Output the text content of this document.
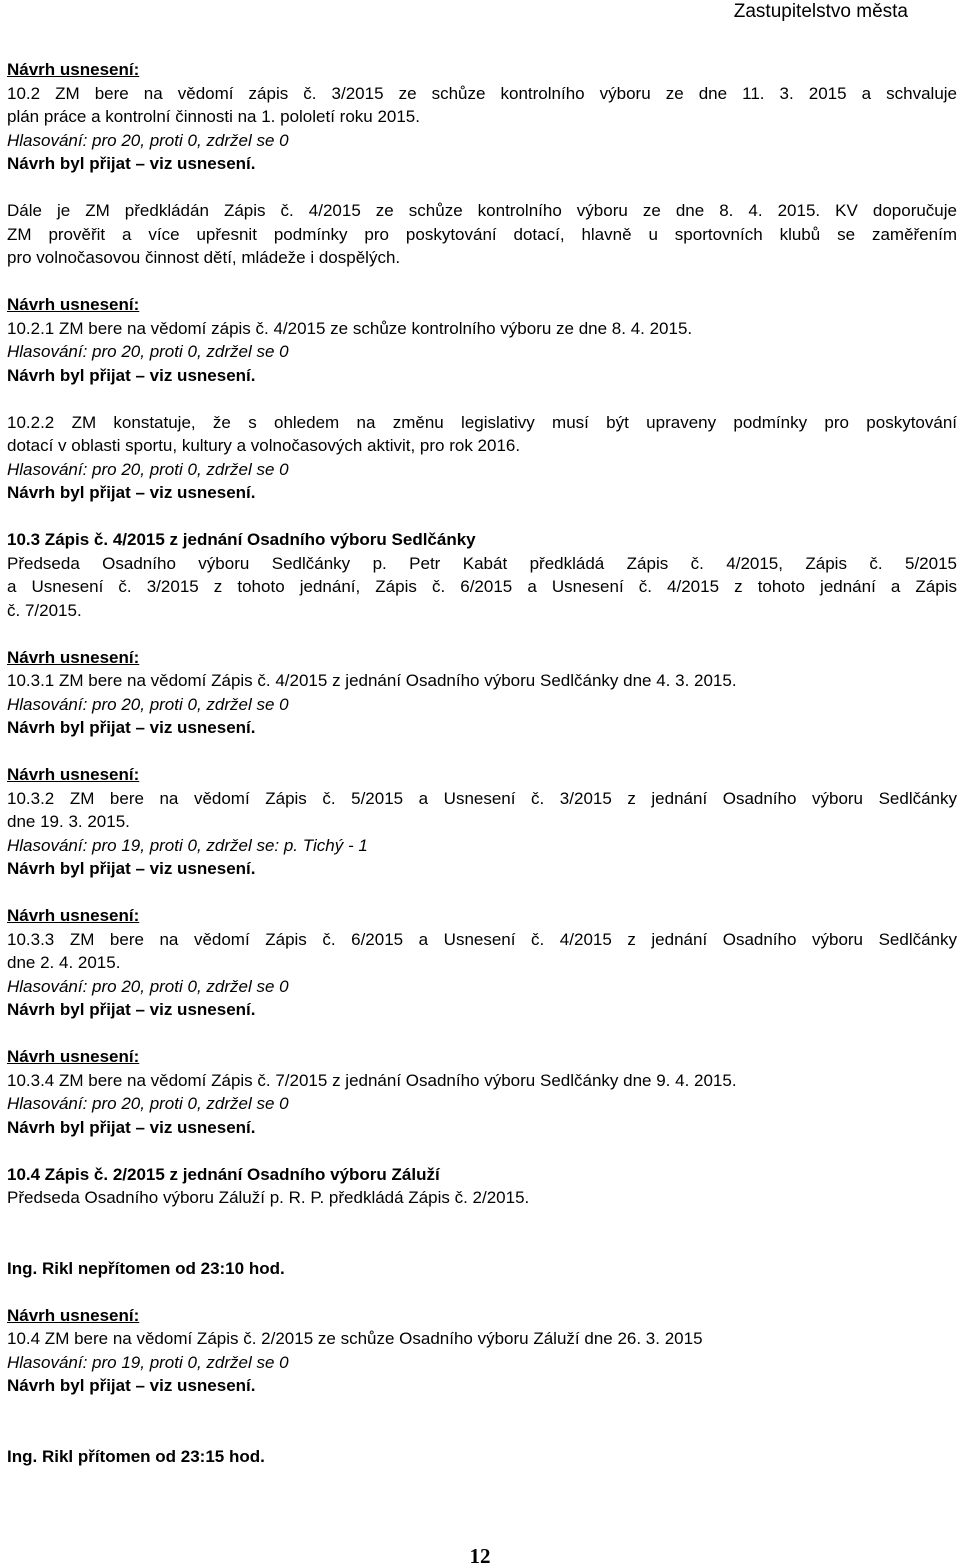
Zastupitelstvo města
Návrh usnesení:
10.2 ZM bere na vědomí zápis č. 3/2015 ze schůze kontrolního výboru ze dne 11. 3. 2015 a schvaluje
plán práce a kontrolní činnosti na 1. pololetí roku 2015.
Hlasování: pro 20, proti 0, zdržel se 0
Návrh byl přijat – viz usnesení.
Dále je ZM předkládán Zápis č. 4/2015 ze schůze kontrolního výboru ze dne 8. 4. 2015. KV doporučuje
ZM prověřit a více upřesnit podmínky pro poskytování dotací, hlavně u sportovních klubů se zaměřením
pro volnočasovou činnost dětí, mládeže i dospělých.
Návrh usnesení:
10.2.1 ZM bere na vědomí zápis č. 4/2015 ze schůze kontrolního výboru ze dne 8. 4. 2015.
Hlasování: pro 20, proti 0, zdržel se 0
Návrh byl přijat – viz usnesení.
10.2.2 ZM konstatuje, že s ohledem na změnu legislativy musí být upraveny podmínky pro poskytování
dotací v oblasti sportu, kultury a volnočasových aktivit, pro rok 2016.
Hlasování: pro 20, proti 0, zdržel se 0
Návrh byl přijat – viz usnesení.
10.3 Zápis č. 4/2015 z jednání Osadního výboru Sedlčánky
Předseda Osadního výboru Sedlčánky p. Petr Kabát předkládá Zápis č. 4/2015, Zápis č. 5/2015
a Usnesení č. 3/2015 z tohoto jednání, Zápis č. 6/2015 a Usnesení č. 4/2015 z tohoto jednání a Zápis
č. 7/2015.
Návrh usnesení:
10.3.1 ZM bere na vědomí Zápis č. 4/2015 z jednání Osadního výboru Sedlčánky dne 4. 3. 2015.
Hlasování: pro 20, proti 0, zdržel se 0
Návrh byl přijat – viz usnesení.
Návrh usnesení:
10.3.2 ZM bere na vědomí Zápis č. 5/2015 a Usnesení č. 3/2015 z jednání Osadního výboru Sedlčánky
dne 19. 3. 2015.
Hlasování: pro 19, proti 0, zdržel se: p. Tichý - 1
Návrh byl přijat – viz usnesení.
Návrh usnesení:
10.3.3 ZM bere na vědomí Zápis č. 6/2015 a Usnesení č. 4/2015 z jednání Osadního výboru Sedlčánky
dne 2. 4. 2015.
Hlasování: pro 20, proti 0, zdržel se 0
Návrh byl přijat – viz usnesení.
Návrh usnesení:
10.3.4 ZM bere na vědomí Zápis č. 7/2015 z jednání Osadního výboru Sedlčánky dne 9. 4. 2015.
Hlasování: pro 20, proti 0, zdržel se 0
Návrh byl přijat – viz usnesení.
10.4 Zápis č. 2/2015 z jednání Osadního výboru Záluží
Předseda Osadního výboru Záluží p. R. P. předkládá Zápis č. 2/2015.
Ing. Rikl nepřítomen od 23:10 hod.
Návrh usnesení:
10.4 ZM bere na vědomí Zápis č. 2/2015 ze schůze Osadního výboru Záluží dne 26. 3. 2015
Hlasování: pro 19, proti 0, zdržel se 0
Návrh byl přijat – viz usnesení.
Ing. Rikl přítomen od 23:15 hod.
12
